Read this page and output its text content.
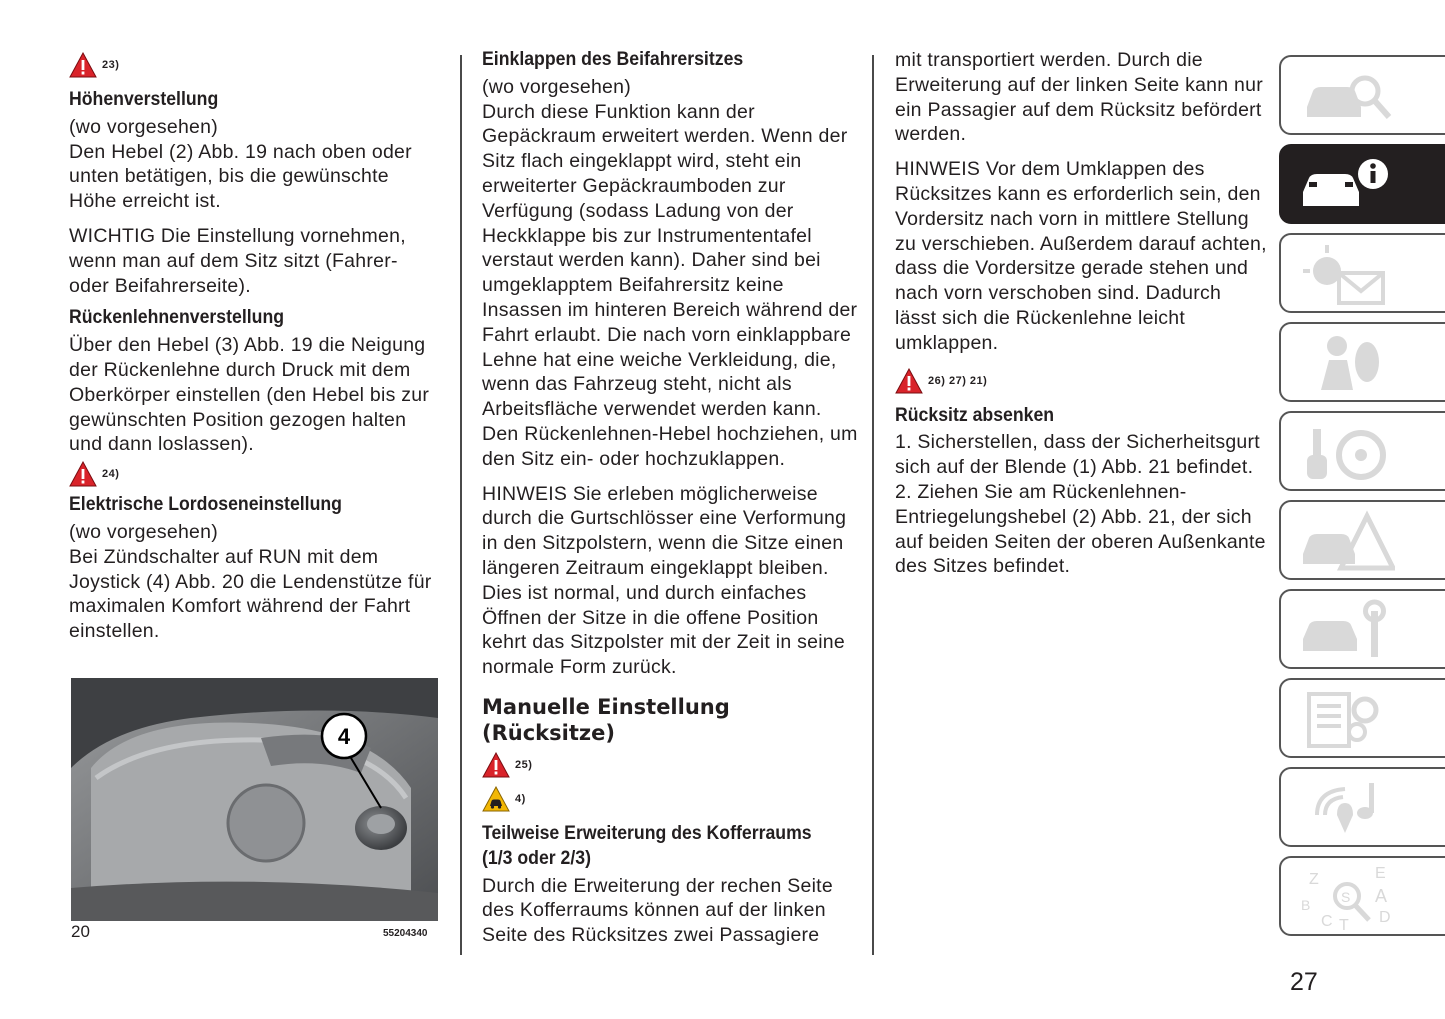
23)
Höhenverstellung

(wo vorgesehen)

Den Hebel (2) Abb. 19 nach oben oder unten betätigen, bis die gewünschte Höhe erreicht ist.

WICHTIG Die Einstellung vornehmen, wenn man auf dem Sitz sitzt (Fahrer- oder Beifahrerseite).

Rückenlehnenverstellung

Über den Hebel (3) Abb. 19 die Neigung der Rückenlehne durch Druck mit dem Oberkörper einstellen (den Hebel bis zur gewünschten Position gezogen halten und dann loslassen).

24)
Elektrische Lordoseneinstellung

(wo vorgesehen)

Bei Zündschalter auf RUN mit dem Joystick (4) Abb. 20 die Lendenstütze für maximalen Komfort während der Fahrt einstellen.

4
20	55204340
Einklappen des Beifahrersitzes

(wo vorgesehen)

Durch diese Funktion kann der Gepäckraum erweitert werden. Wenn der Sitz flach eingeklappt wird, steht ein erweiterter Gepäckraumboden zur Verfügung (sodass Ladung von der Heckklappe bis zur Instrumententafel verstaut werden kann). Daher sind bei umgeklapptem Beifahrersitz keine Insassen im hinteren Bereich während der Fahrt erlaubt. Die nach vorn einklappbare Lehne hat eine weiche Verkleidung, die, wenn das Fahrzeug steht, nicht als Arbeitsfläche verwendet werden kann.

Den Rückenlehnen-Hebel hochziehen, um den Sitz ein- oder hochzuklappen.

HINWEIS Sie erleben möglicherweise durch die Gurtschlösser eine Verformung in den Sitzpolstern, wenn die Sitze einen längeren Zeitraum eingeklappt bleiben. Dies ist normal, und durch einfaches Öffnen der Sitze in die offene Position kehrt das Sitzpolster mit der Zeit in seine normale Form zurück.

Manuelle Einstellung (Rücksitze)
25)
4)
Teilweise Erweiterung des Kofferraums (1/3 oder 2/3)

Durch die Erweiterung der rechen Seite des Kofferraums können auf der linken Seite des Rücksitzes zwei Passagiere

mit transportiert werden. Durch die Erweiterung auf der linken Seite kann nur ein Passagier auf dem Rücksitz befördert werden.

HINWEIS Vor dem Umklappen des Rücksitzes kann es erforderlich sein, den Vordersitz nach vorn in mittlere Stellung zu verschieben. Außerdem darauf achten, dass die Vordersitze gerade stehen und nach vorn verschoben sind. Dadurch lässt sich die Rückenlehne leicht umklappen.

26) 27) 21)
Rücksitz absenken

1. Sicherstellen, dass der Sicherheitsgurt sich auf der Blende (1) Abb. 21 befindet.

2. Ziehen Sie am Rückenlehnen-Entriegelungshebel (2) Abb. 21, der sich auf beiden Seiten der oberen Außenkante des Sitzes befindet.

Z	E
S A
B
C	D
T
27
